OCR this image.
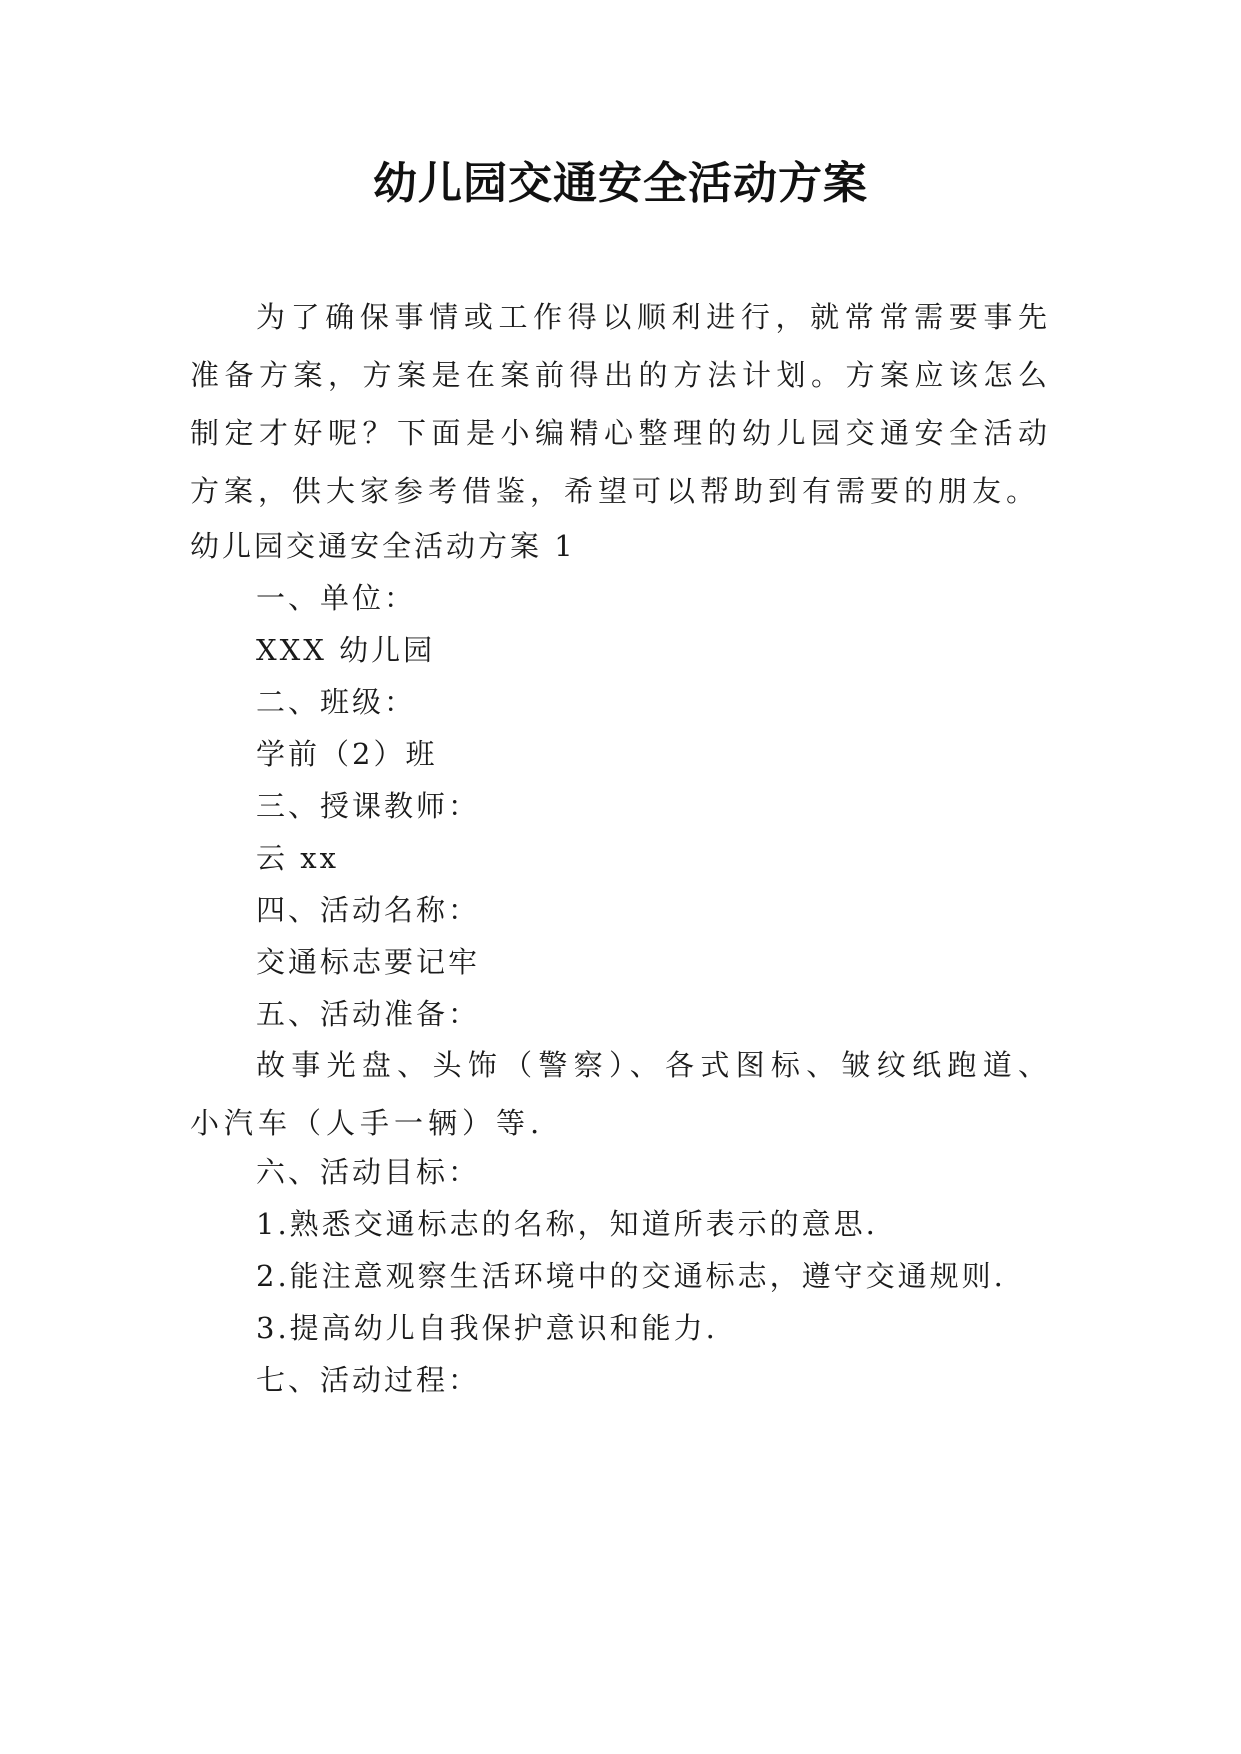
幼儿园交通安全活动方案

为了确保事情或工作得以顺利进行，就常常需要事先准备方案，方案是在案前得出的方法计划。方案应该怎么制定才好呢？下面是小编精心整理的幼儿园交通安全活动方案，供大家参考借鉴，希望可以帮助到有需要的朋友。

幼儿园交通安全活动方案 1

一、单位：

XXX 幼儿园

二、班级：

学前（2）班

三、授课教师：

云 xx

四、活动名称：

交通标志要记牢

五、活动准备：

故事光盘、头饰（警察）、各式图标、皱纹纸跑道、小汽车（人手一辆）等.

六、活动目标：

1.熟悉交通标志的名称，知道所表示的意思.

2.能注意观察生活环境中的交通标志，遵守交通规则.

3.提高幼儿自我保护意识和能力.

七、活动过程：
